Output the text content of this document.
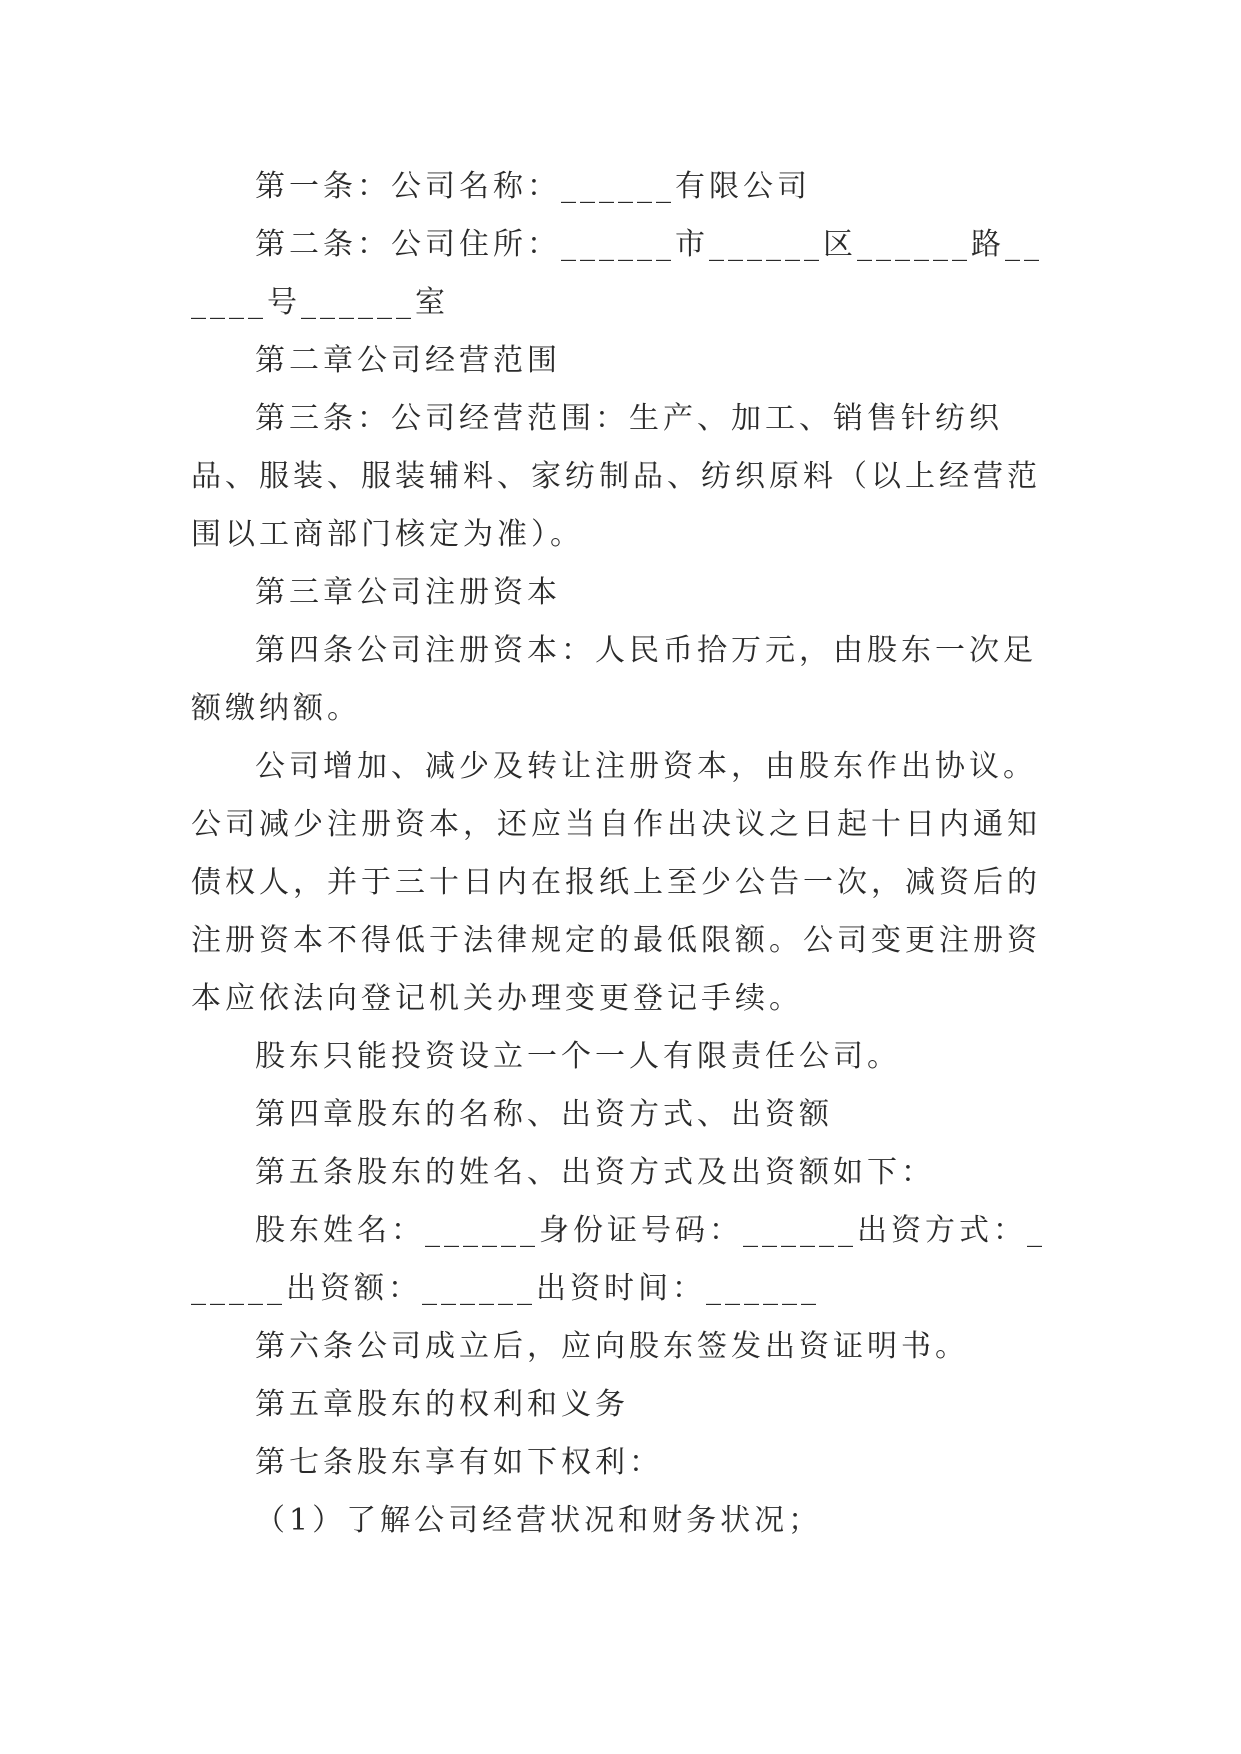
第一条：公司名称：______有限公司

第二条：公司住所：______市______区______路______号______室

第二章公司经营范围

第三条：公司经营范围：生产、加工、销售针纺织品、服装、服装辅料、家纺制品、纺织原料（以上经营范围以工商部门核定为准）。

第三章公司注册资本

第四条公司注册资本：人民币拾万元，由股东一次足额缴纳额。

公司增加、减少及转让注册资本，由股东作出协议。公司减少注册资本，还应当自作出决议之日起十日内通知债权人，并于三十日内在报纸上至少公告一次，减资后的注册资本不得低于法律规定的最低限额。公司变更注册资本应依法向登记机关办理变更登记手续。

股东只能投资设立一个一人有限责任公司。

第四章股东的名称、出资方式、出资额

第五条股东的姓名、出资方式及出资额如下：

股东姓名：______身份证号码：______出资方式：______出资额：______出资时间：______

第六条公司成立后，应向股东签发出资证明书。

第五章股东的权利和义务

第七条股东享有如下权利：

（1）了解公司经营状况和财务状况；
